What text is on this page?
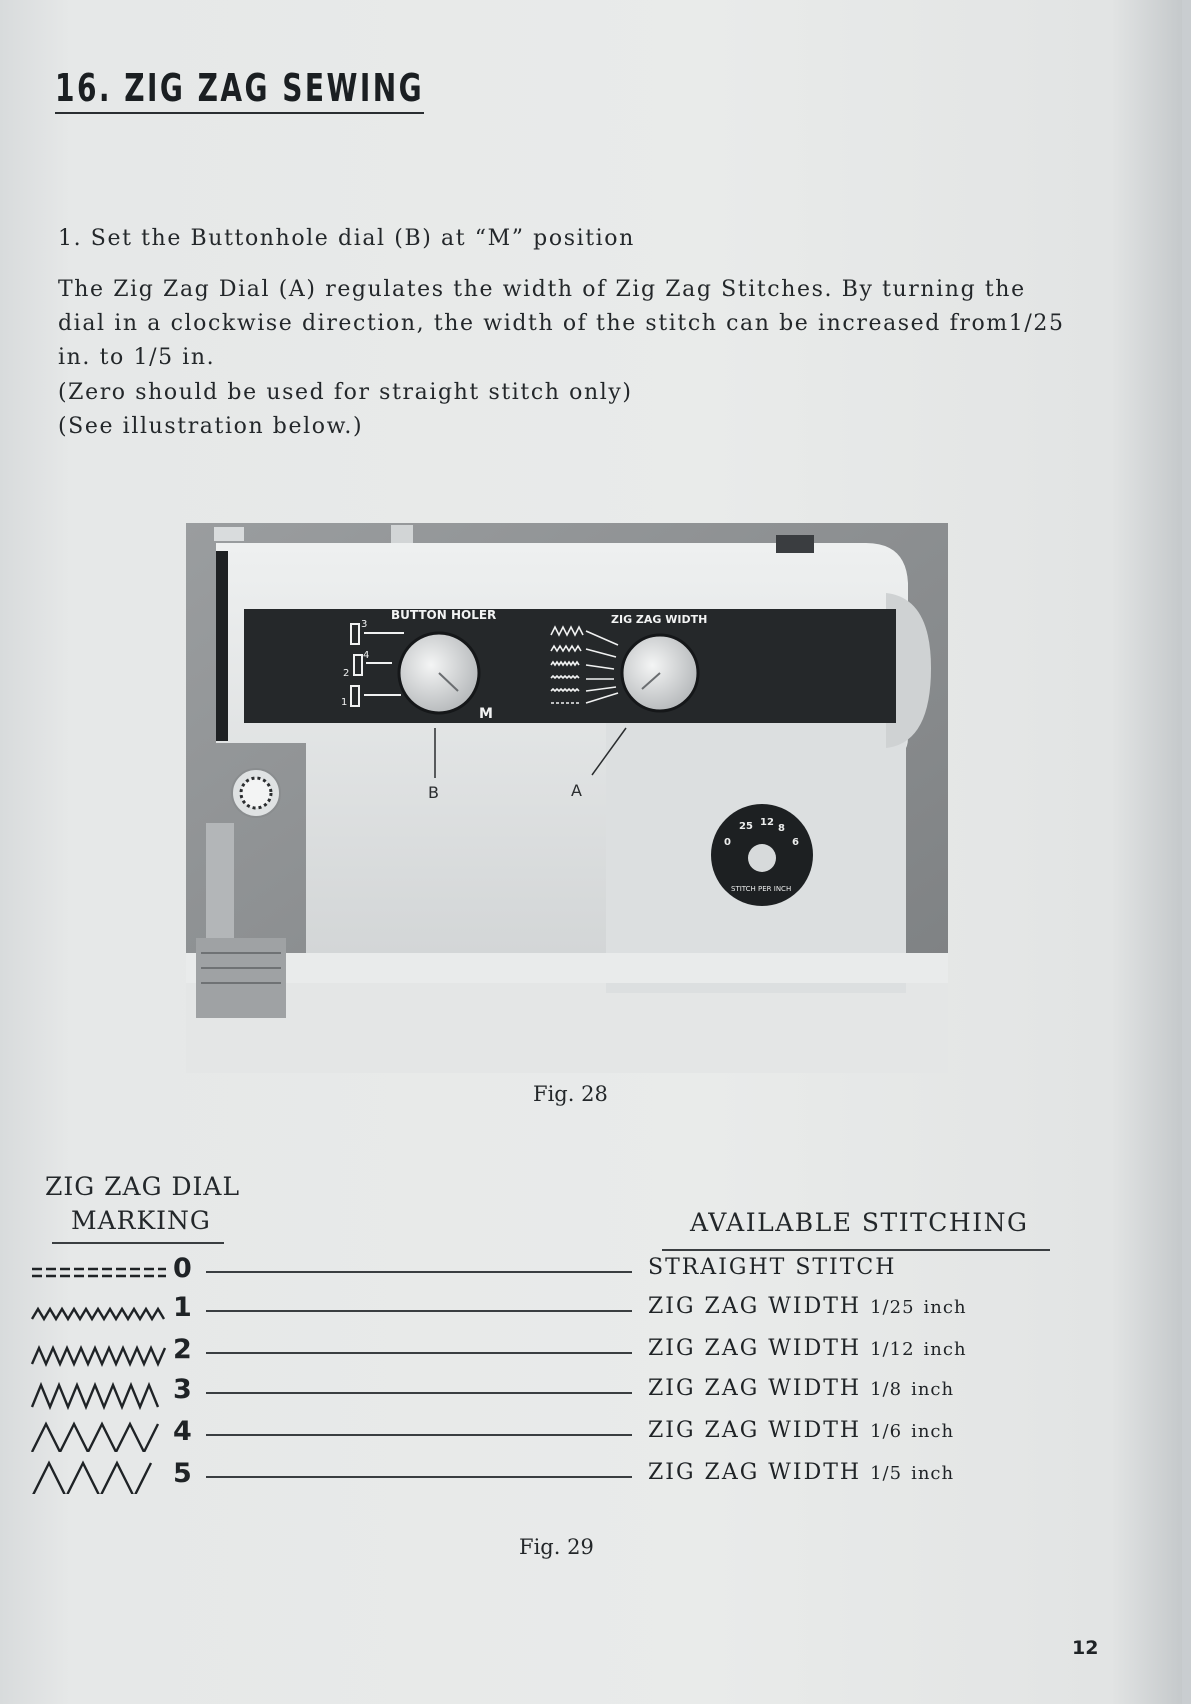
16. ZIG ZAG SEWING
1. Set the Buttonhole dial (B) at “M” position
The Zig Zag Dial (A) regulates the width of Zig Zag Stitches. By turning the
dial in a clockwise direction, the width of the stitch can be increased from1/25
in. to 1/5 in.
(Zero should be used for straight stitch only)
(See illustration below.)
BUTTON HOLER	ZIG ZAG WIDTH
3
4
2
1
M
B	A
0
25 12
8
6
STITCH PER INCH
Fig. 28
ZIG ZAG DIAL
MARKING	AVAILABLE STITCHING
0	STRAIGHT STITCH
1	ZIG ZAG WIDTH 1/25 inch
2	ZIG ZAG WIDTH 1/12 inch
3	ZIG ZAG WIDTH 1/8 inch
4	ZIG ZAG WIDTH 1/6 inch
5	ZIG ZAG WIDTH 1/5 inch
Fig. 29
12
